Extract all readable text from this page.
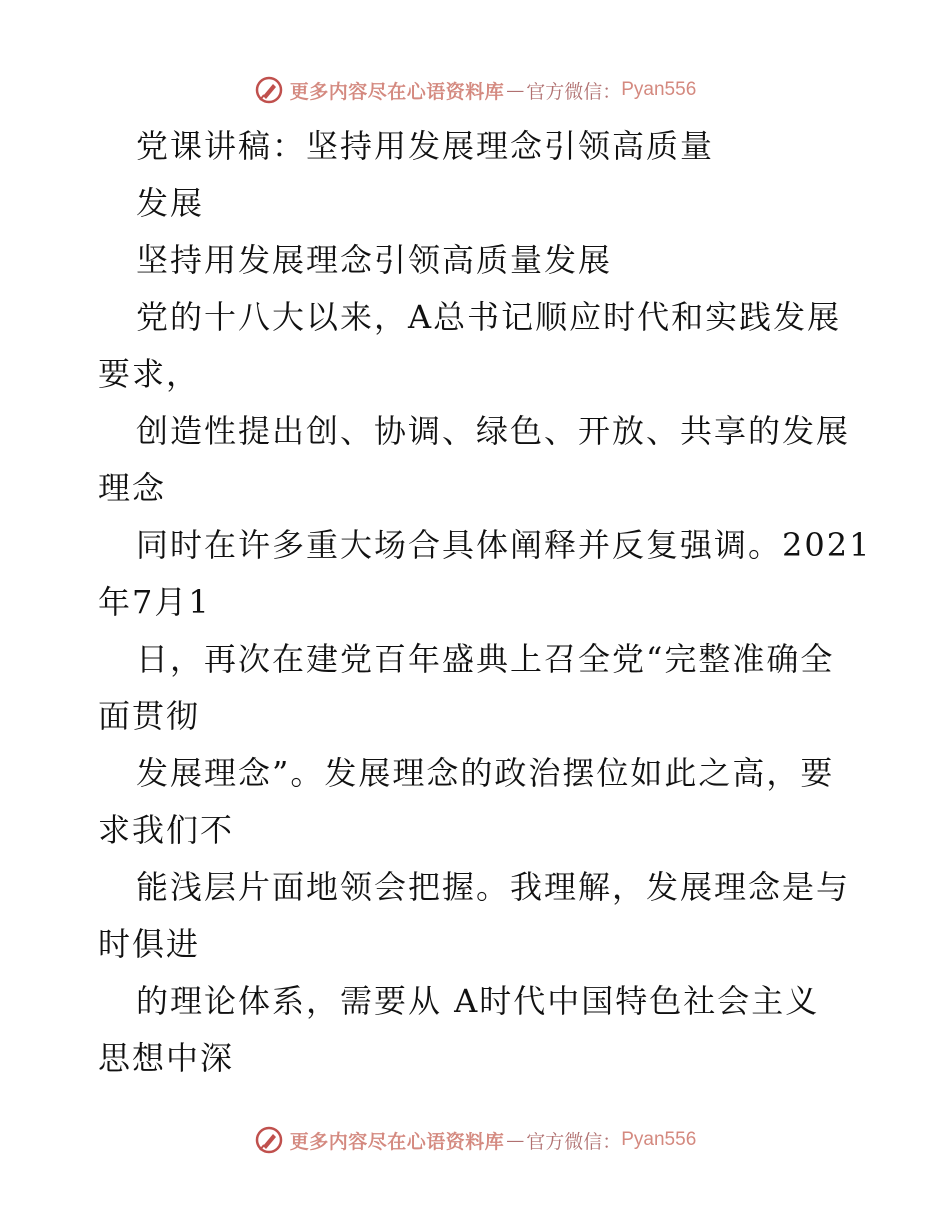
更多内容尽在心语资料库 — 官方微信： Pyan556
党课讲稿：坚持用发展理念引领高质量
发展
坚持用发展理念引领高质量发展
党的十八大以来，A总书记顺应时代和实践发展
要求，
创造性提出创、协调、绿色、开放、共享的发展
理念
同时在许多重大场合具体阐释并反复强调。2021
年7月1
日，再次在建党百年盛典上召全党“完整准确全
面贯彻
发展理念”。发展理念的政治摆位如此之高，要
求我们不
能浅层片面地领会把握。我理解，发展理念是与
时俱进
的理论体系，需要从 A时代中国特色社会主义
思想中深
更多内容尽在心语资料库 — 官方微信： Pyan556
